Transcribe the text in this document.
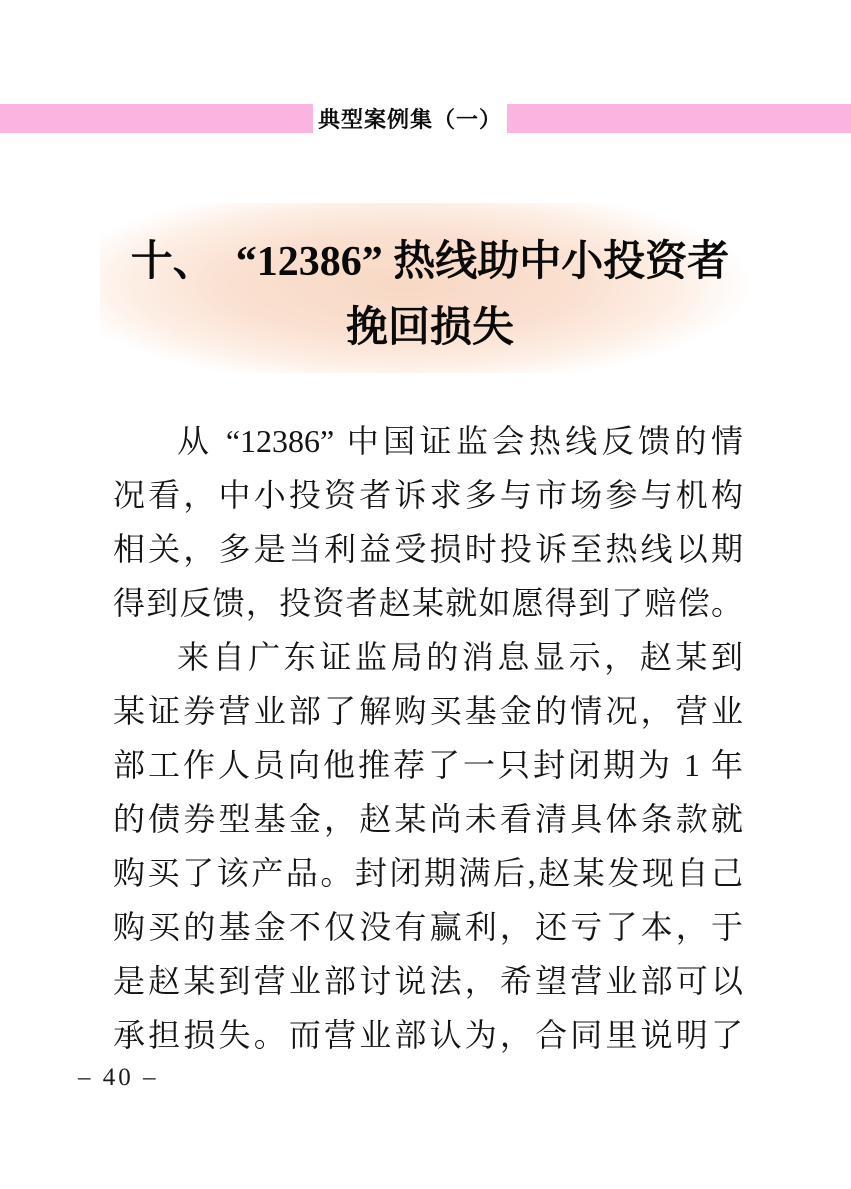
典型案例集（一）
十、　“12386” 热线助中小投资者
挽回损失
从 “12386” 中国证监会热线反馈的情
况看，中小投资者诉求多与市场参与机构
相关，多是当利益受损时投诉至热线以期
得到反馈，投资者赵某就如愿得到了赔偿。
来自广东证监局的消息显示，赵某到
某证券营业部了解购买基金的情况，营业
部工作人员向他推荐了一只封闭期为 1 年
的债券型基金，赵某尚未看清具体条款就
购买了该产品。封闭期满后,赵某发现自己
购买的基金不仅没有赢利，还亏了本，于
是赵某到营业部讨说法，希望营业部可以
承担损失。而营业部认为，合同里说明了
– 40 –
